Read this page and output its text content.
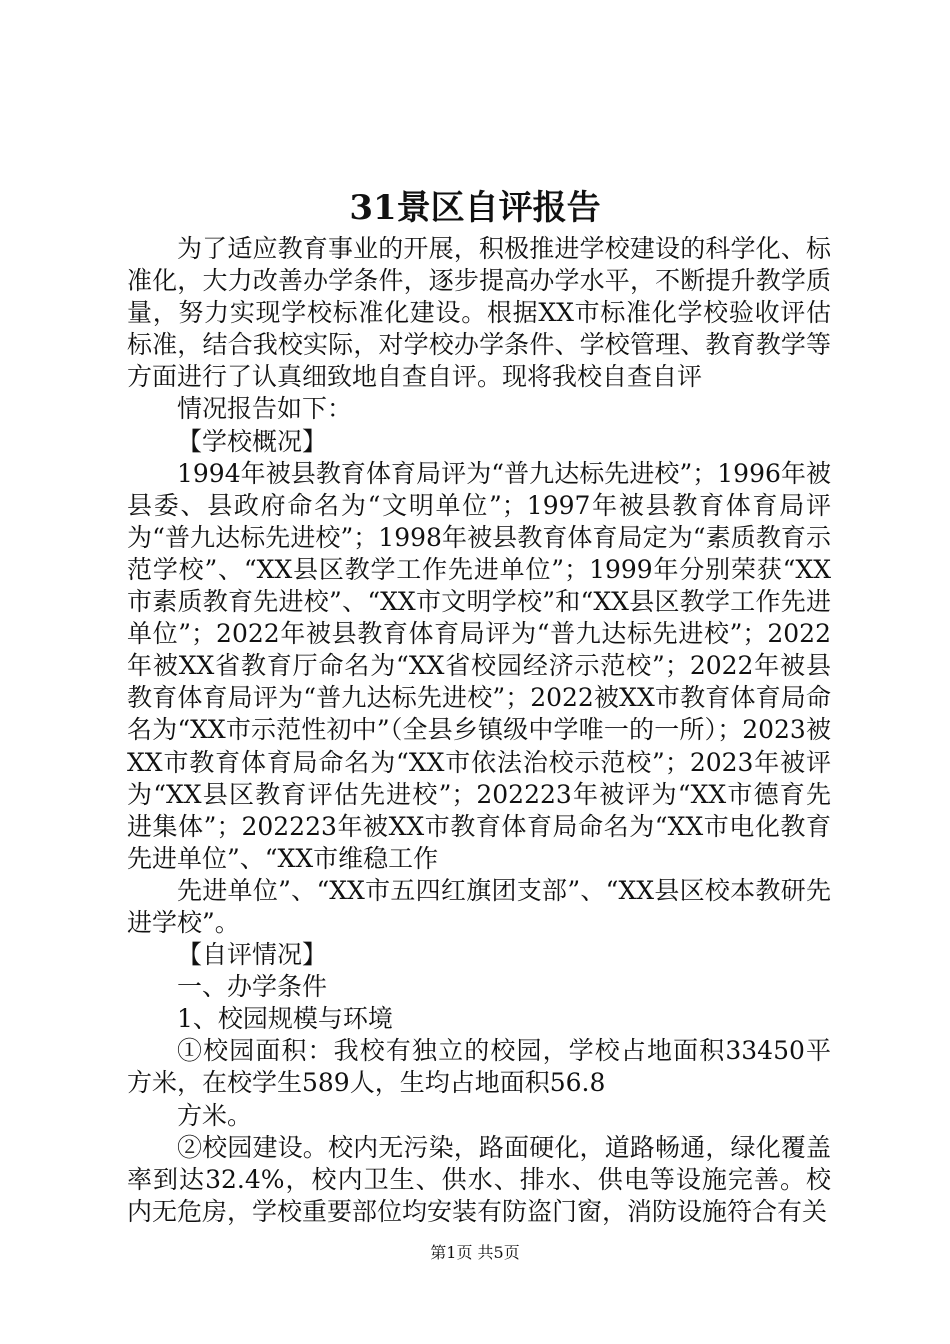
31景区自评报告

为了适应教育事业的开展，积极推进学校建设的科学化、标准化，大力改善办学条件，逐步提高办学水平，不断提升教学质量，努力实现学校标准化建设。根据XX市标准化学校验收评估标准，结合我校实际，对学校办学条件、学校管理、教育教学等方面进行了认真细致地自查自评。现将我校自查自评

情况报告如下：

【学校概况】

1994年被县教育体育局评为“普九达标先进校”；1996年被县委、县政府命名为“文明单位”；1997年被县教育体育局评为“普九达标先进校”；1998年被县教育体育局定为“素质教育示范学校”、“XX县区教学工作先进单位”；1999年分别荣获“XX市素质教育先进校”、“XX市文明学校”和“XX县区教学工作先进单位”；2022年被县教育体育局评为“普九达标先进校”；2022年被XX省教育厅命名为“XX省校园经济示范校”；2022年被县教育体育局评为“普九达标先进校”；2022被XX市教育体育局命名为“XX市示范性初中”（全县乡镇级中学唯一的一所）；2023被XX市教育体育局命名为“XX市依法治校示范校”；2023年被评为“XX县区教育评估先进校”；202223年被评为“XX市德育先进集体”；202223年被XX市教育体育局命名为“XX市电化教育先进单位”、“XX市维稳工作

先进单位”、“XX市五四红旗团支部”、“XX县区校本教研先进学校”。

【自评情况】

一、办学条件

1、校园规模与环境

①校园面积：我校有独立的校园，学校占地面积33450平方米，在校学生589人，生均占地面积56.8

方米。

②校园建设。校内无污染，路面硬化，道路畅通，绿化覆盖率到达32.4%，校内卫生、供水、排水、供电等设施完善。校内无危房，学校重要部位均安装有防盗门窗，消防设施符合有关

第1页 共5页
